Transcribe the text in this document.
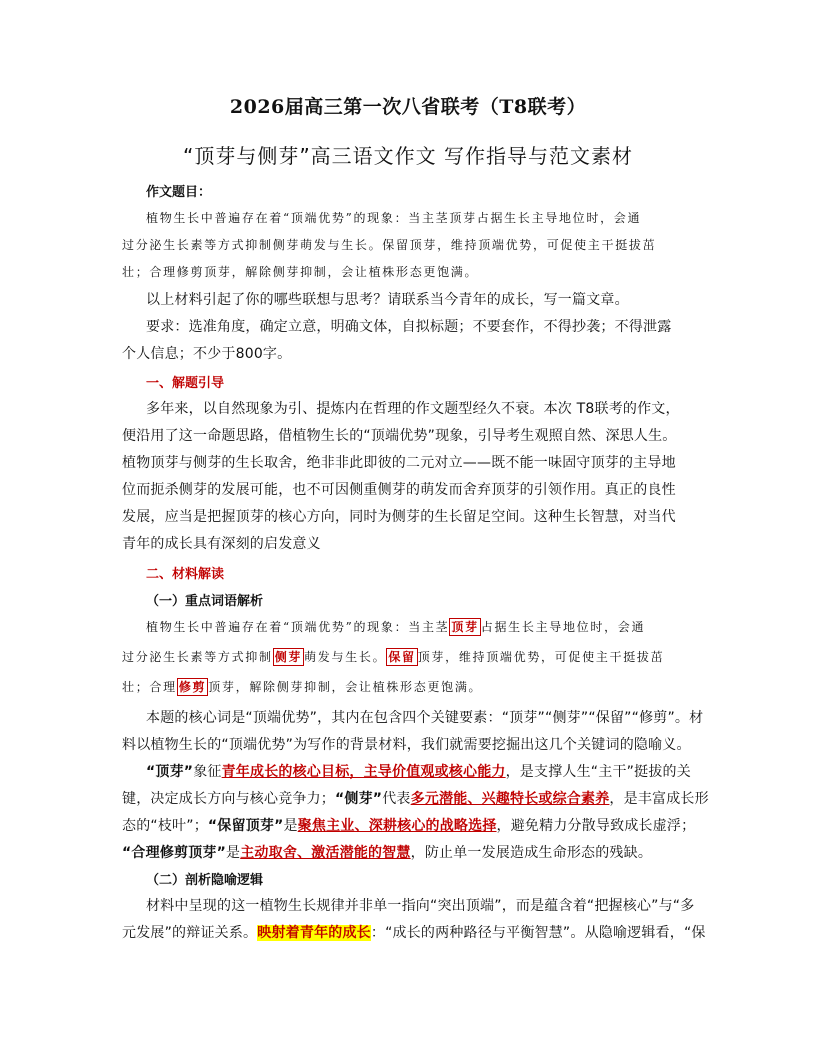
2026届高三第一次八省联考（T8联考）
“顶芽与侧芽”高三语文作文 写作指导与范文素材
作文题目：
植物生长中普遍存在着“顶端优势”的现象：当主茎顶芽占据生长主导地位时，会通
过分泌生长素等方式抑制侧芽萌发与生长。保留顶芽，维持顶端优势，可促使主干挺拔茁
壮；合理修剪顶芽，解除侧芽抑制，会让植株形态更饱满。
以上材料引起了你的哪些联想与思考？请联系当今青年的成长，写一篇文章。
要求：选准角度，确定立意，明确文体，自拟标题；不要套作，不得抄袭；不得泄露
个人信息；不少于800字。
一、解题引导
多年来，以自然现象为引、提炼内在哲理的作文题型经久不衰。本次 T8联考的作文，
便沿用了这一命题思路，借植物生长的“顶端优势”现象，引导考生观照自然、深思人生。
植物顶芽与侧芽的生长取舍，绝非非此即彼的二元对立——既不能一味固守顶芽的主导地
位而扼杀侧芽的发展可能，也不可因侧重侧芽的萌发而舍弃顶芽的引领作用。真正的良性
发展，应当是把握顶芽的核心方向，同时为侧芽的生长留足空间。这种生长智慧，对当代
青年的成长具有深刻的启发意义
二、材料解读
（一）重点词语解析
植物生长中普遍存在着“顶端优势”的现象：当主茎 顶芽 占据生长主导地位时，会通
过分泌生长素等方式抑制 侧芽 萌发与生长。 保留 顶芽，维持顶端优势，可促使主干挺拔茁
壮；合理 修剪 顶芽，解除侧芽抑制，会让植株形态更饱满。
本题的核心词是“顶端优势”，其内在包含四个关键要素：“顶芽”“侧芽”“保留”“修剪”。材
料以植物生长的“顶端优势”为写作的背景材料，我们就需要挖掘出这几个关键词的隐喻义。
“顶芽”象征青年成长的核心目标，主导价值观或核心能力，是支撑人生“主干”挺拔的关
键，决定成长方向与核心竞争力；“侧芽”代表多元潜能、兴趣特长或综合素养，是丰富成长形
态的“枝叶”；“保留顶芽”是聚焦主业、深耕核心的战略选择，避免精力分散导致成长虚浮；
“合理修剪顶芽”是主动取舍、激活潜能的智慧，防止单一发展造成生命形态的残缺。
（二）剖析隐喻逻辑
材料中呈现的这一植物生长规律并非单一指向“突出顶端”，而是蕴含着“把握核心”与“多
元发展”的辩证关系。映射着青年的成长：“成长的两种路径与平衡智慧”。从隐喻逻辑看，“保
